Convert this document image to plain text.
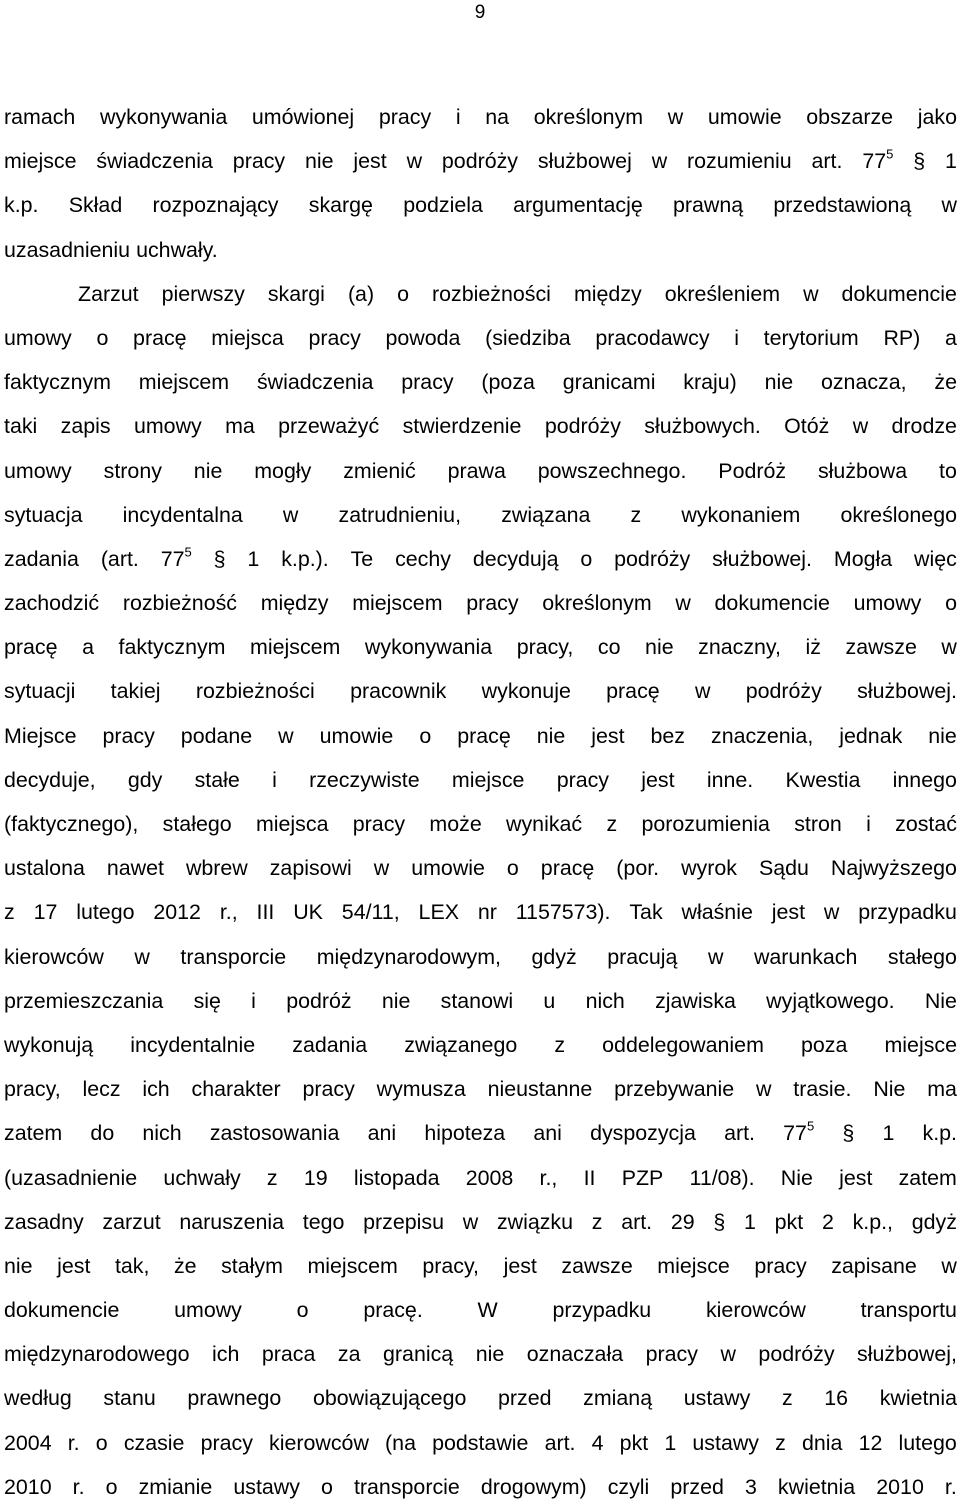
9
ramach wykonywania umówionej pracy i na określonym w umowie obszarze jako
miejsce świadczenia pracy nie jest w podróży służbowej w rozumieniu art. $77^5$ § 1
k.p. Skład rozpoznający skargę podziela argumentację prawną przedstawioną w
uzasadnieniu uchwały.
Zarzut pierwszy skargi (a) o rozbieżności między określeniem w dokumencie
umowy o pracę miejsca pracy powoda (siedziba pracodawcy i terytorium RP) a
faktycznym miejscem świadczenia pracy (poza granicami kraju) nie oznacza, że
taki zapis umowy ma przeważyć stwierdzenie podróży służbowych. Otóż w drodze
umowy strony nie mogły zmienić prawa powszechnego. Podróż służbowa to
sytuacja incydentalna w zatrudnieniu, związana z wykonaniem określonego
zadania (art. $77^5$ § 1 k.p.). Te cechy decydują o podróży służbowej. Mogła więc
zachodzić rozbieżność między miejscem pracy określonym w dokumencie umowy o
pracę a faktycznym miejscem wykonywania pracy, co nie znaczny, iż zawsze w
sytuacji takiej rozbieżności pracownik wykonuje pracę w podróży służbowej.
Miejsce pracy podane w umowie o pracę nie jest bez znaczenia, jednak nie
decyduje, gdy stałe i rzeczywiste miejsce pracy jest inne. Kwestia innego
(faktycznego), stałego miejsca pracy może wynikać z porozumienia stron i zostać
ustalona nawet wbrew zapisowi w umowie o pracę (por. wyrok Sądu Najwyższego
z 17 lutego 2012 r., III UK 54/11, LEX nr 1157573). Tak właśnie jest w przypadku
kierowców w transporcie międzynarodowym, gdyż pracują w warunkach stałego
przemieszczania się i podróż nie stanowi u nich zjawiska wyjątkowego. Nie
wykonują incydentalnie zadania związanego z oddelegowaniem poza miejsce
pracy, lecz ich charakter pracy wymusza nieustanne przebywanie w trasie. Nie ma
zatem do nich zastosowania ani hipoteza ani dyspozycja art. $77^5$ § 1 k.p.
(uzasadnienie uchwały z 19 listopada 2008 r., II PZP 11/08). Nie jest zatem
zasadny zarzut naruszenia tego przepisu w związku z art. 29 § 1 pkt 2 k.p., gdyż
nie jest tak, że stałym miejscem pracy, jest zawsze miejsce pracy zapisane w
dokumencie	umowy	o	pracę.	W	przypadku	kierowców	transportu
międzynarodowego ich praca za granicą nie oznaczała pracy w podróży służbowej,
według stanu prawnego obowiązującego przed zmianą ustawy z 16 kwietnia
2004 r. o czasie pracy kierowców (na podstawie art. 4 pkt 1 ustawy z dnia 12 lutego
2010 r. o zmianie ustawy o transporcie drogowym) czyli przed 3 kwietnia 2010 r.
